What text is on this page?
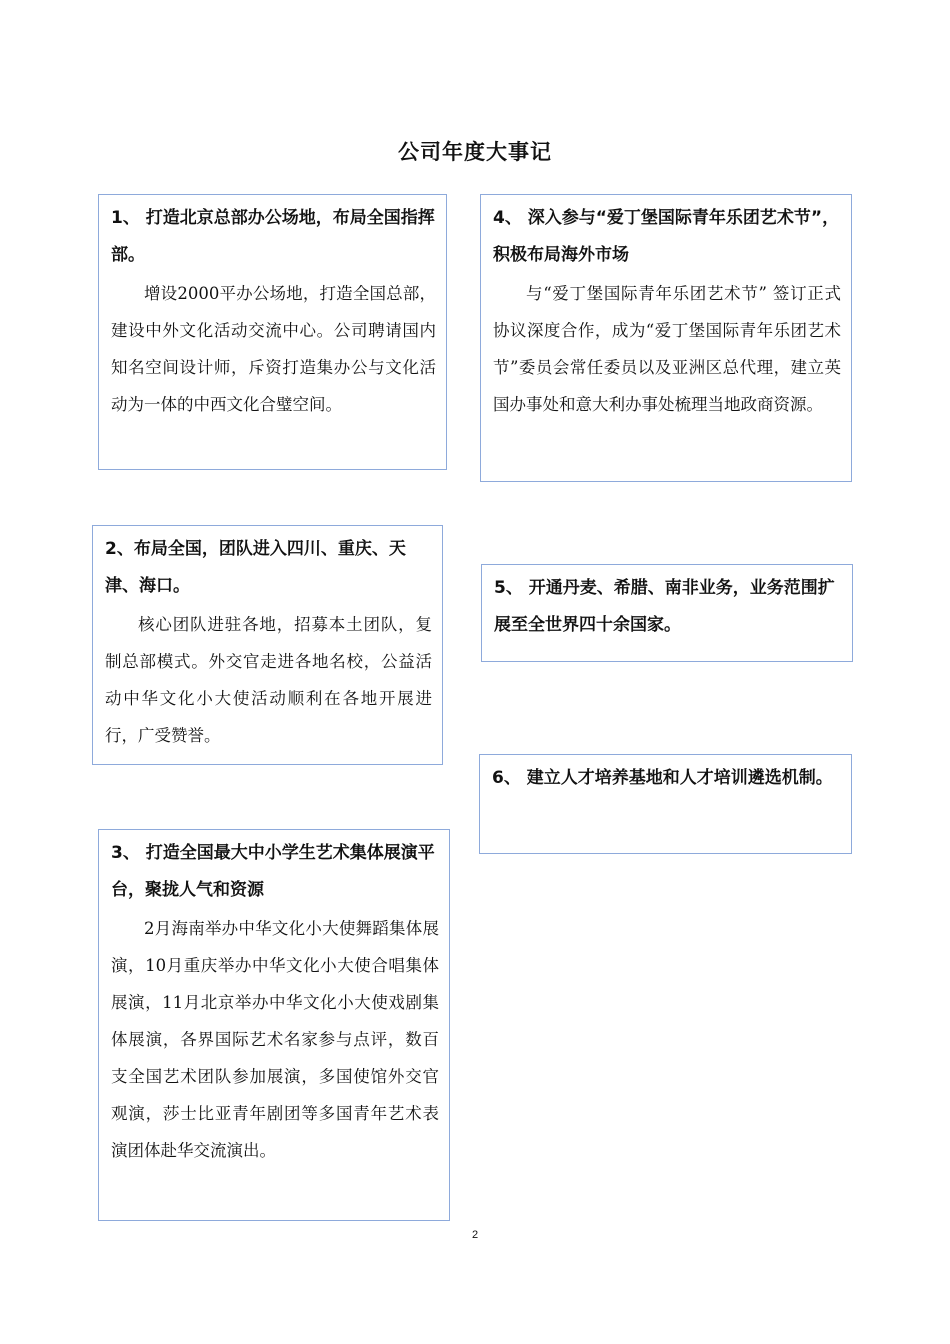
公司年度大事记
1、 打造北京总部办公场地，布局全国指挥部。
增设2000平办公场地，打造全国总部，建设中外文化活动交流中心。公司聘请国内知名空间设计师，斥资打造集办公与文化活动为一体的中西文化合璧空间。
2、布局全国，团队进入四川、重庆、天津、海口。
核心团队进驻各地，招募本土团队，复制总部模式。外交官走进各地名校，公益活动中华文化小大使活动顺利在各地开展进行，广受赞誉。
3、 打造全国最大中小学生艺术集体展演平台，聚拢人气和资源
2月海南举办中华文化小大使舞蹈集体展演，10月重庆举办中华文化小大使合唱集体展演，11月北京举办中华文化小大使戏剧集体展演，各界国际艺术名家参与点评，数百支全国艺术团队参加展演，多国使馆外交官观演，莎士比亚青年剧团等多国青年艺术表演团体赴华交流演出。
4、 深入参与“爱丁堡国际青年乐团艺术节”，积极布局海外市场
与“爱丁堡国际青年乐团艺术节” 签订正式协议深度合作，成为“爱丁堡国际青年乐团艺术节”委员会常任委员以及亚洲区总代理，建立英国办事处和意大利办事处梳理当地政商资源。
5、 开通丹麦、希腊、南非业务，业务范围扩展至全世界四十余国家。
6、 建立人才培养基地和人才培训遴选机制。
2
